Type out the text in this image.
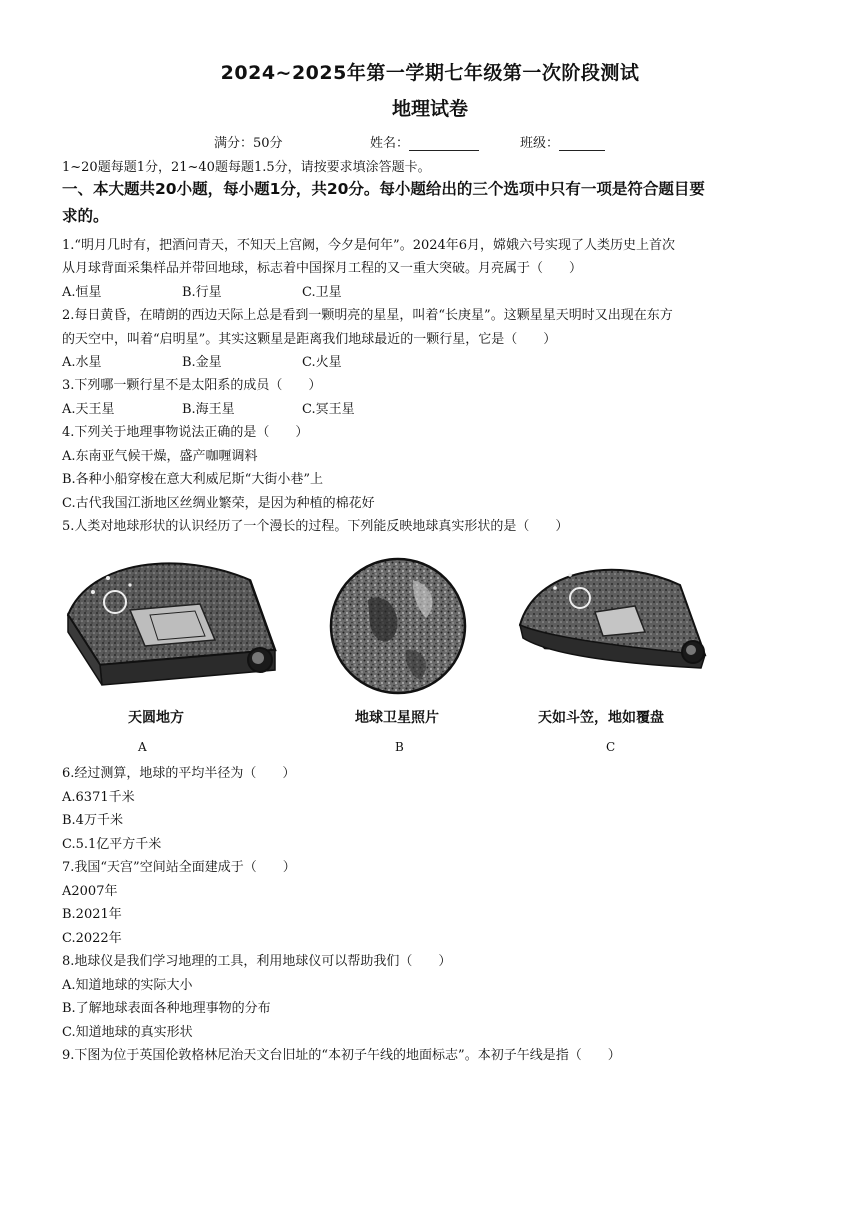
2024~2025年第一学期七年级第一次阶段测试
地理试卷
满分：50分	姓名：	班级：
1~20题每题1分，21~40题每题1.5分，请按要求填涂答题卡。
一、本大题共20小题，每小题1分，共20分。每小题给出的三个选项中只有一项是符合题目要
求的。
1.“明月几时有，把酒问青天，不知天上宫阙，今夕是何年”。2024年6月，嫦娥六号实现了人类历史上首次
从月球背面采集样品并带回地球，标志着中国探月工程的又一重大突破。月亮属于（　　）
A.恒星	B.行星	C.卫星
2.每日黄昏，在晴朗的西边天际上总是看到一颗明亮的星星，叫着“长庚星”。这颗星星天明时又出现在东方
的天空中，叫着“启明星”。其实这颗星是距离我们地球最近的一颗行星，它是（　　）
A.水星	B.金星	C.火星
3.下列哪一颗行星不是太阳系的成员（　　）
A.天王星	B.海王星	C.冥王星
4.下列关于地理事物说法正确的是（　　）
A.东南亚气候干燥，盛产咖喱调料
B.各种小船穿梭在意大利威尼斯“大街小巷”上
C.古代我国江浙地区丝绸业繁荣，是因为种植的棉花好
5.人类对地球形状的认识经历了一个漫长的过程。下列能反映地球真实形状的是（　　）
天圆地方
A
地球卫星照片
B
天如斗笠，地如覆盘
C
6.经过测算，地球的平均半径为（　　）
A.6371千米
B.4万千米
C.5.1亿平方千米
7.我国“天宫”空间站全面建成于（　　）
A2007年
B.2021年
C.2022年
8.地球仪是我们学习地理的工具，利用地球仪可以帮助我们（　　）
A.知道地球的实际大小
B.了解地球表面各种地理事物的分布
C.知道地球的真实形状
9.下图为位于英国伦敦格林尼治天文台旧址的“本初子午线的地面标志”。本初子午线是指（　　）
